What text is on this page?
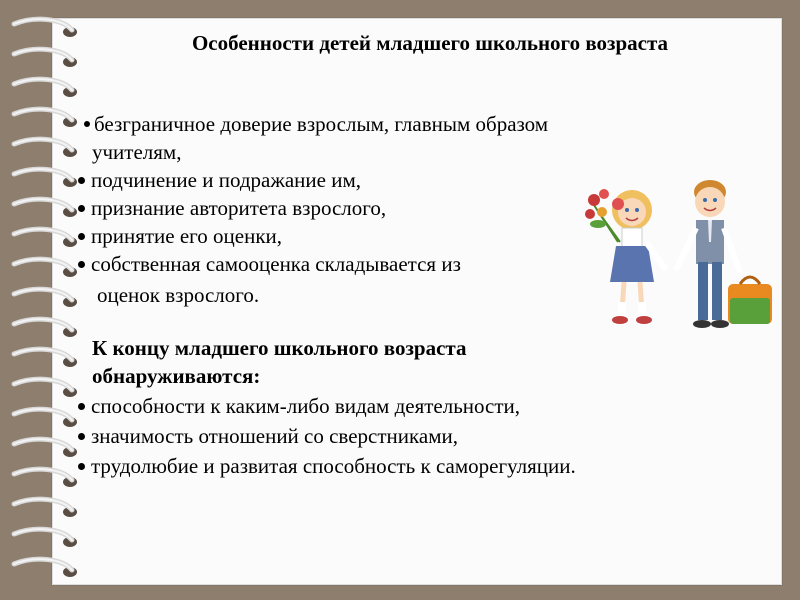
Особенности детей младшего школьного возраста
безграничное доверие взрослым, главным образом
учителям,
подчинение и подражание им,
признание авторитета взрослого,
принятие его оценки,
собственная самооценка складывается из
оценок взрослого.
К концу младшего школьного возраста
обнаруживаются:
способности к каким-либо видам деятельности,
значимость отношений со сверстниками,
трудолюбие и развитая способность к саморегуляции.
